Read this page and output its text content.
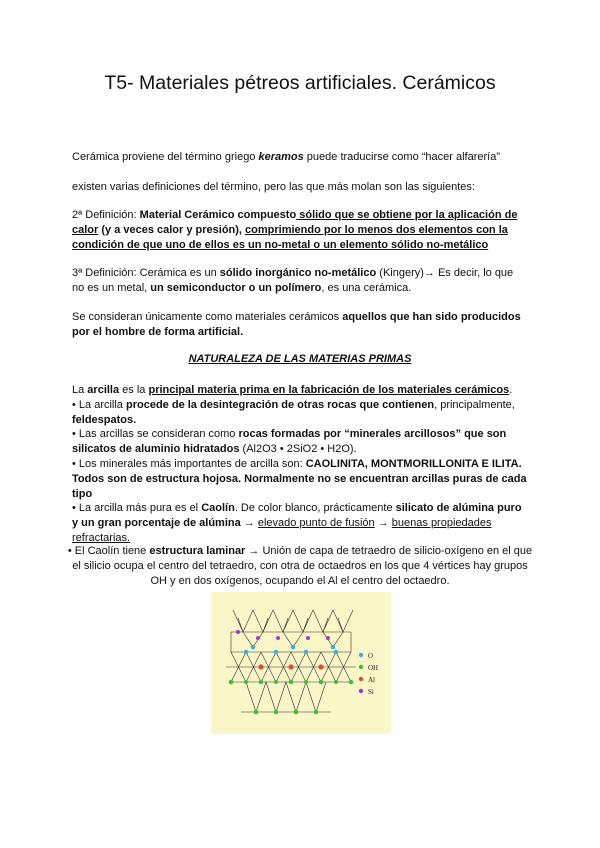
T5- Materiales pétreos artificiales. Cerámicos
Cerámica proviene del término griego keramos puede traducirse como “hacer alfarería”
existen varias definiciones del término, pero las que más molan son las siguientes:
2ª Definición: Material Cerámico compuesto sólido que se obtiene por la aplicación de calor (y a veces calor y presión), comprimiendo por lo menos dos elementos con la condición de que uno de ellos es un no-metal o un elemento sólido no-metálico
3ª Definición: Cerámica es un sólido inorgánico no-metálico (Kingery)→ Es decir, lo que no es un metal, un semiconductor o un polímero, es una cerámica.
Se consideran únicamente como materiales cerámicos aquellos que han sido producidos por el hombre de forma artificial.
NATURALEZA DE LAS MATERIAS PRIMAS
La arcilla es la principal materia prima en la fabricación de los materiales cerámicos.
• La arcilla procede de la desintegración de otras rocas que contienen, principalmente, feldespatos.
• Las arcillas se consideran como rocas formadas por “minerales arcillosos” que son silicatos de aluminio hidratados (Al2O3 • 2SiO2 • H2O).
• Los minerales más importantes de arcilla son: CAOLINITA, MONTMORILLONITA E ILITA. Todos son de estructura hojosa. Normalmente no se encuentran arcillas puras de cada tipo
• La arcilla más pura es el Caolín. De color blanco, prácticamente silicato de alúmina puro y un gran porcentaje de alúmina → elevado punto de fusión → buenas propiedades refractarias.
• El Caolín tiene estructura laminar → Unión de capa de tetraedro de silicio-oxígeno en el que el silicio ocupa el centro del tetraedro, con otra de octaedros en los que 4 vértices hay grupos OH y en dos oxígenos, ocupando el Al el centro del octaedro.
O
OH
Al
Si
